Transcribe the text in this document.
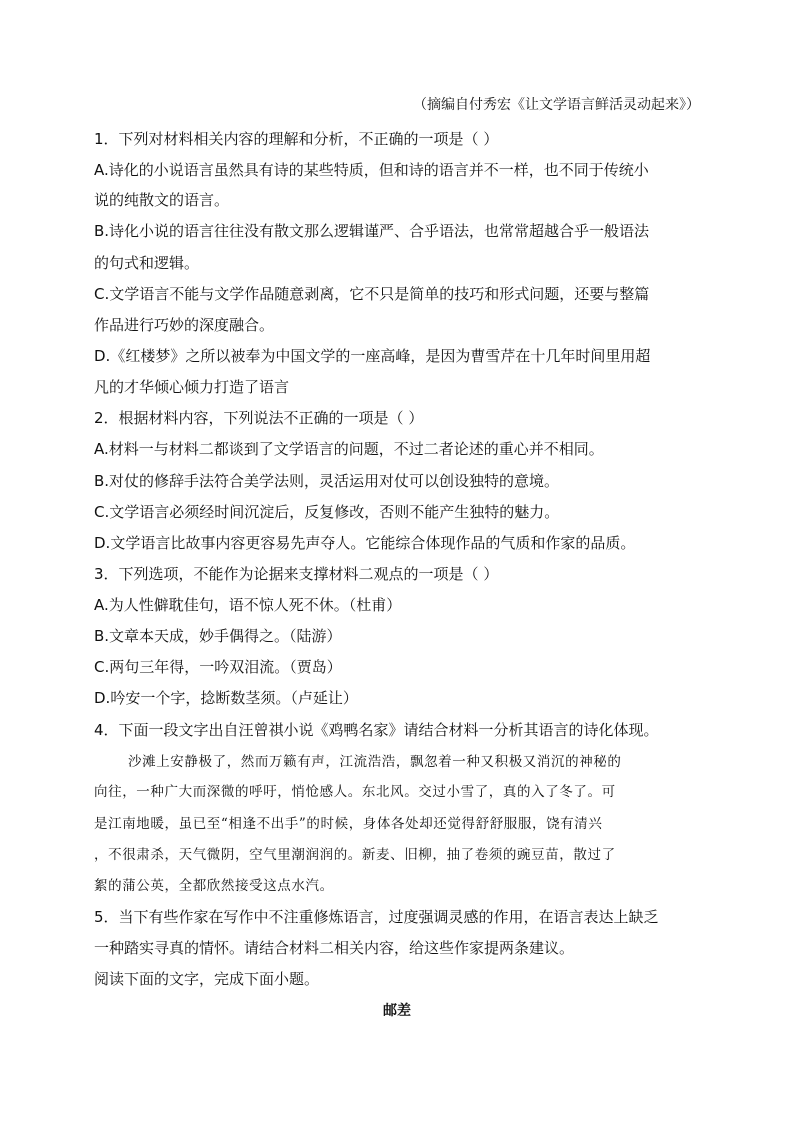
（摘编自付秀宏《让文学语言鲜活灵动起来》）
1．下列对材料相关内容的理解和分析，不正确的一项是（ ）
A.诗化的小说语言虽然具有诗的某些特质，但和诗的语言并不一样，也不同于传统小
说的纯散文的语言。
B.诗化小说的语言往往没有散文那么逻辑谨严、合乎语法，也常常超越合乎一般语法
的句式和逻辑。
C.文学语言不能与文学作品随意剥离，它不只是简单的技巧和形式问题，还要与整篇
作品进行巧妙的深度融合。
D.《红楼梦》之所以被奉为中国文学的一座高峰，是因为曹雪芹在十几年时间里用超
凡的才华倾心倾力打造了语言
2．根据材料内容，下列说法不正确的一项是（ ）
A.材料一与材料二都谈到了文学语言的问题，不过二者论述的重心并不相同。
B.对仗的修辞手法符合美学法则，灵活运用对仗可以创设独特的意境。
C.文学语言必须经时间沉淀后，反复修改，否则不能产生独特的魅力。
D.文学语言比故事内容更容易先声夺人。它能综合体现作品的气质和作家的品质。
3．下列选项，不能作为论据来支撑材料二观点的一项是（ ）
A.为人性僻耽佳句，语不惊人死不休。（杜甫）
B.文章本天成，妙手偶得之。（陆游）
C.两句三年得，一吟双泪流。（贾岛）
D.吟安一个字，捻断数茎须。（卢延让）
4．下面一段文字出自汪曾祺小说《鸡鸭名家》请结合材料一分析其语言的诗化体现。
沙滩上安静极了，然而万籁有声，江流浩浩，飘忽着一种又积极又消沉的神秘的
向往，一种广大而深微的呼吁，悄怆感人。东北风。交过小雪了，真的入了冬了。可
是江南地暖，虽已至“相逢不出手”的时候，身体各处却还觉得舒舒服服，饶有清兴
，不很肃杀，天气微阴，空气里潮润润的。新麦、旧柳，抽了卷须的豌豆苗，散过了
絮的蒲公英，全都欣然接受这点水汽。
5．当下有些作家在写作中不注重修炼语言，过度强调灵感的作用，在语言表达上缺乏
一种踏实寻真的情怀。请结合材料二相关内容，给这些作家提两条建议。
阅读下面的文字，完成下面小题。
邮差
